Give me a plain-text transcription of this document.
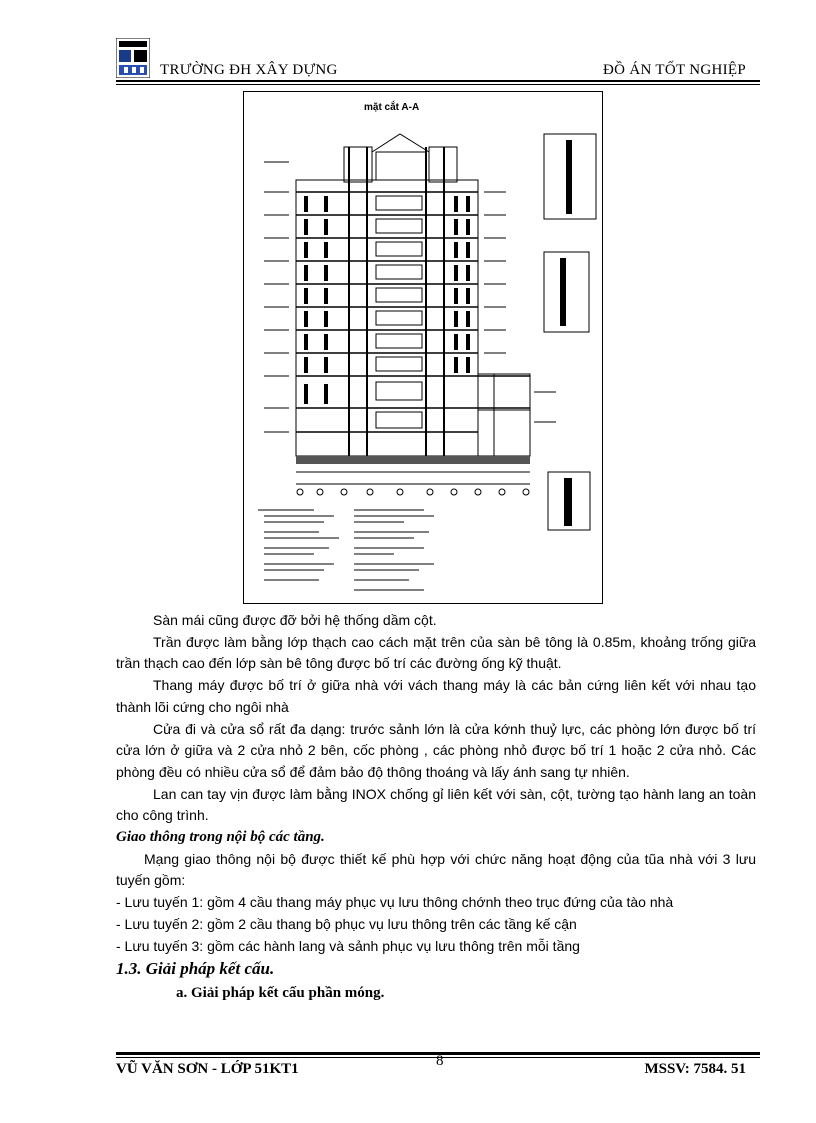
TRƯỜNG ĐH XÂY DỰNG	ĐỒ ÁN TỐT NGHIỆP
mặt cắt A-A

Sàn mái cũng được đỡ bởi hệ thống dầm cột.

Trần được làm bằng lớp thạch cao cách mặt trên của sàn bê tông là 0.85m, khoảng trống giữa trần thạch cao đến lớp sàn bê tông được bố trí các đường ống kỹ thuật.

Thang máy được bố trí ở giữa nhà với vách thang máy là các bản cứng liên kết với nhau tạo thành lõi cứng cho ngôi nhà

Cửa đi và cửa sổ rất đa dạng: trước sảnh lớn là cửa kớnh thuỷ lực, các phòng lớn được bố trí cửa lớn ở giữa và 2 cửa nhỏ 2 bên, cốc phòng , các phòng nhỏ được bố trí 1 hoặc 2 cửa nhỏ. Các phòng đều có nhiều cửa sổ để đảm bảo độ thông thoáng và lấy ánh sang tự nhiên.

Lan can tay vịn được làm bằng INOX chống gỉ liên kết với sàn, cột, tường tạo hành lang an toàn cho công trình.

Giao thông trong nội bộ các tầng.

Mạng giao thông nội bộ được thiết kế phù hợp với chức năng hoạt động của tũa nhà với 3 lưu tuyến gồm:

- Lưu tuyến 1: gồm 4 cầu thang máy phục vụ lưu thông chớnh theo trục đứng của tào nhà

- Lưu tuyến 2: gồm 2 cầu thang bộ phục vụ lưu thông trên các tầng kế cận

- Lưu tuyến 3: gồm các hành lang và sảnh phục vụ lưu thông trên mỗi tầng

1.3. Giải pháp kết cấu.

a. Giải pháp kết cấu phần móng.

VŨ VĂN SƠN - LỚP 51KT1	8	MSSV: 7584. 51
